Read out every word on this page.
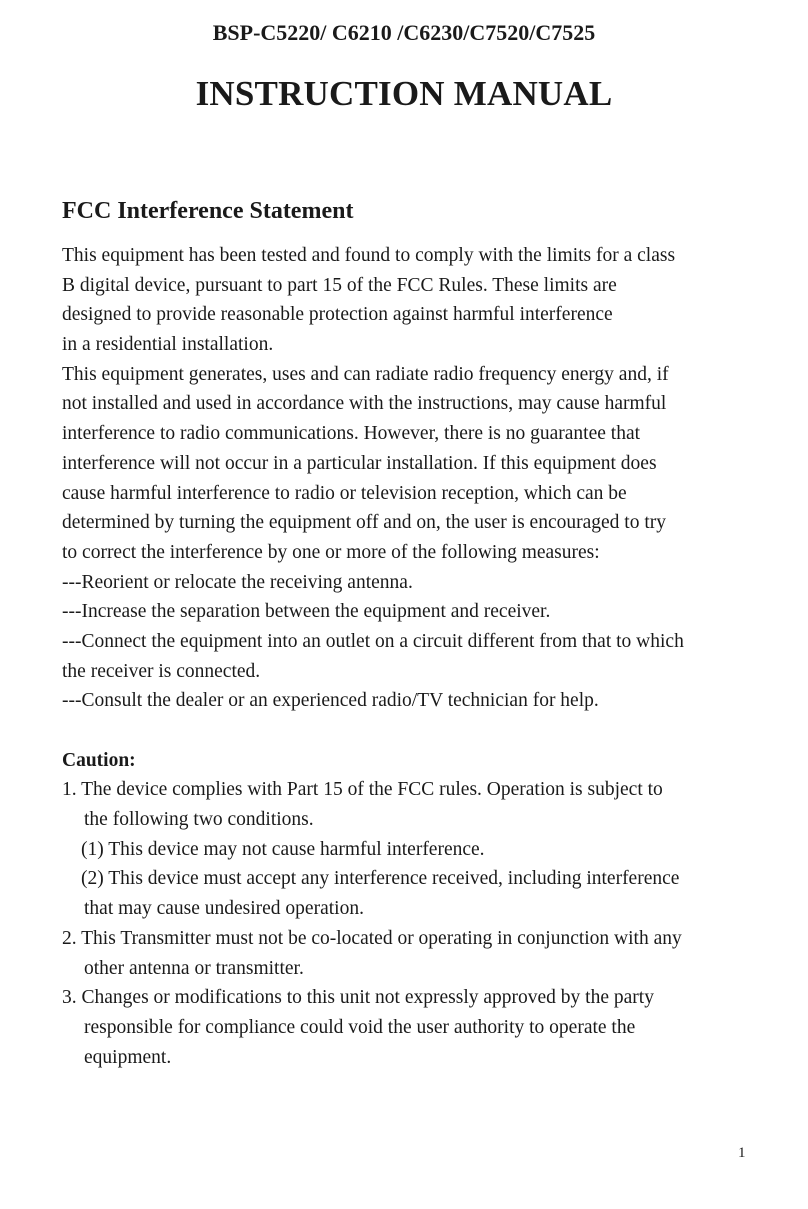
BSP-C5220/ C6210 /C6230/C7520/C7525
INSTRUCTION MANUAL
FCC Interference Statement
This equipment has been tested and found to comply with the limits for a class
B digital device, pursuant to part 15 of the FCC Rules. These limits are
designed to provide reasonable protection against harmful interference
in a residential installation.
This equipment generates, uses and can radiate radio frequency energy and, if
not installed and used in accordance with the instructions, may cause harmful
interference to radio communications. However, there is no guarantee that
interference will not occur in a particular installation. If this equipment does
cause harmful interference to radio or television reception, which can be
determined by turning the equipment off and on, the user is encouraged to try
to correct the interference by one or more of the following measures:
---Reorient or relocate the receiving antenna.
---Increase the separation between the equipment and receiver.
---Connect the equipment into an outlet on a circuit different from that to which
the receiver is connected.
---Consult the dealer or an experienced radio/TV technician for help.
Caution:
1. The device complies with Part 15 of the FCC rules. Operation is subject to
the following two conditions.
(1) This device may not cause harmful interference.
(2) This device must accept any interference received, including interference
that may cause undesired operation.
2. This Transmitter must not be co-located or operating in conjunction with any
other antenna or transmitter.
3. Changes or modifications to this unit not expressly approved by the party
responsible for compliance could void the user authority to operate the
equipment.
1
